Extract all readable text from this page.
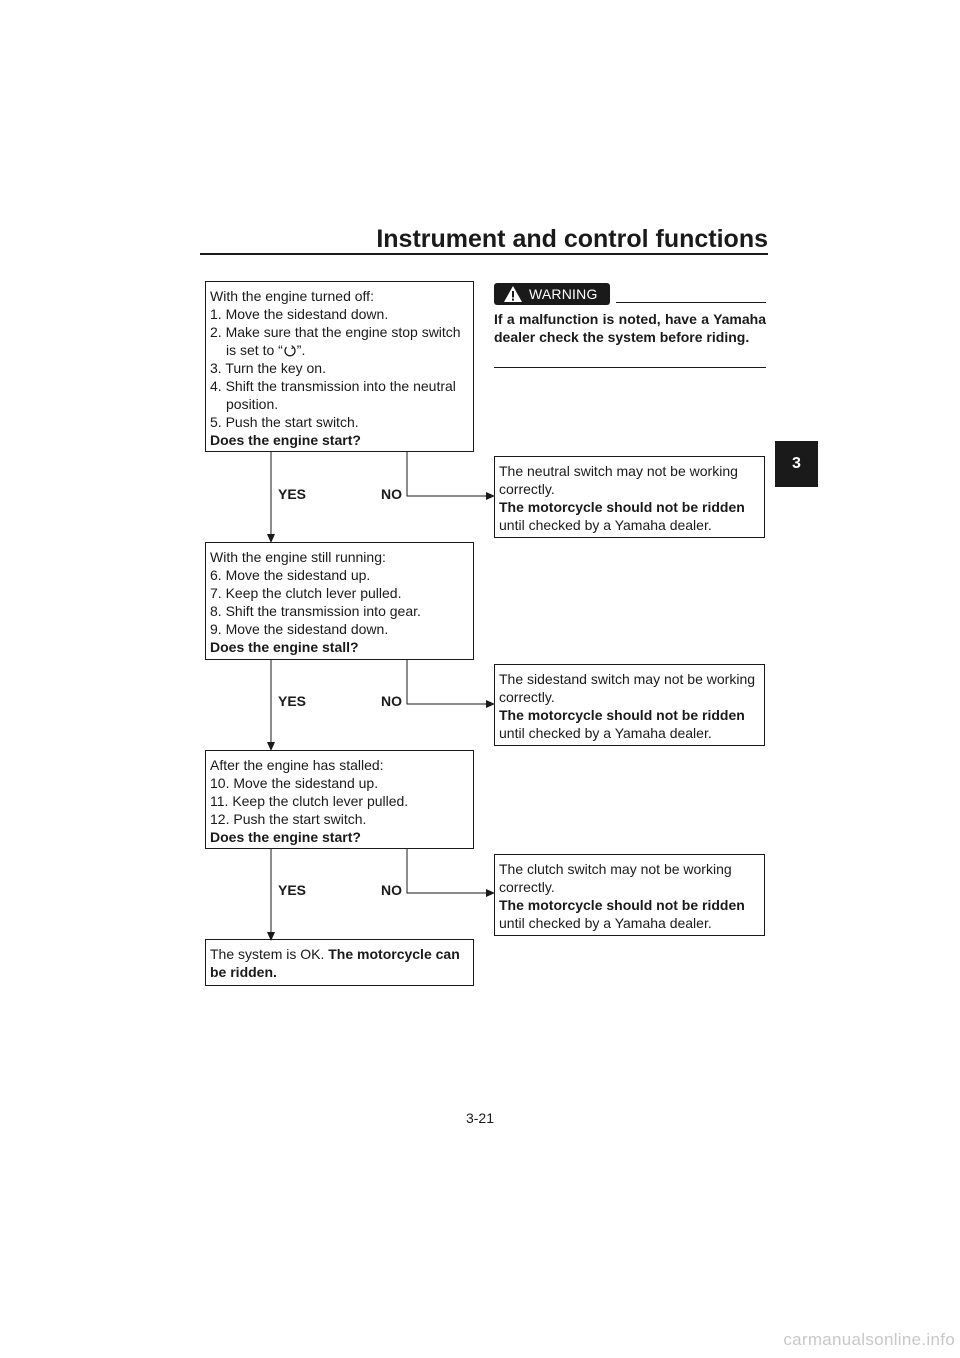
Instrument and control functions
3

With the engine turned off:

1. Move the sidestand down.

2. Make sure that the engine stop switch is set to “ ”.

3. Turn the key on.

4. Shift the transmission into the neutral position.

5. Push the start switch.

Does the engine start?

YES	NO

The neutral switch may not be working correctly.

The motorcycle should not be ridden

until checked by a Yamaha dealer.

With the engine still running:

6. Move the sidestand up.

7. Keep the clutch lever pulled.

8. Shift the transmission into gear.

9. Move the sidestand down.

Does the engine stall?

YES	NO

The sidestand switch may not be working correctly.

The motorcycle should not be ridden

until checked by a Yamaha dealer.

After the engine has stalled:

10. Move the sidestand up.

11. Keep the clutch lever pulled.

12. Push the start switch.

Does the engine start?

YES	NO

The clutch switch may not be working correctly.

The motorcycle should not be ridden

until checked by a Yamaha dealer.

The system is OK. The motorcycle can be ridden.

WARNING
If a malfunction is noted, have a Yamaha dealer check the system before riding.
3-21
carmanualsonline.info
